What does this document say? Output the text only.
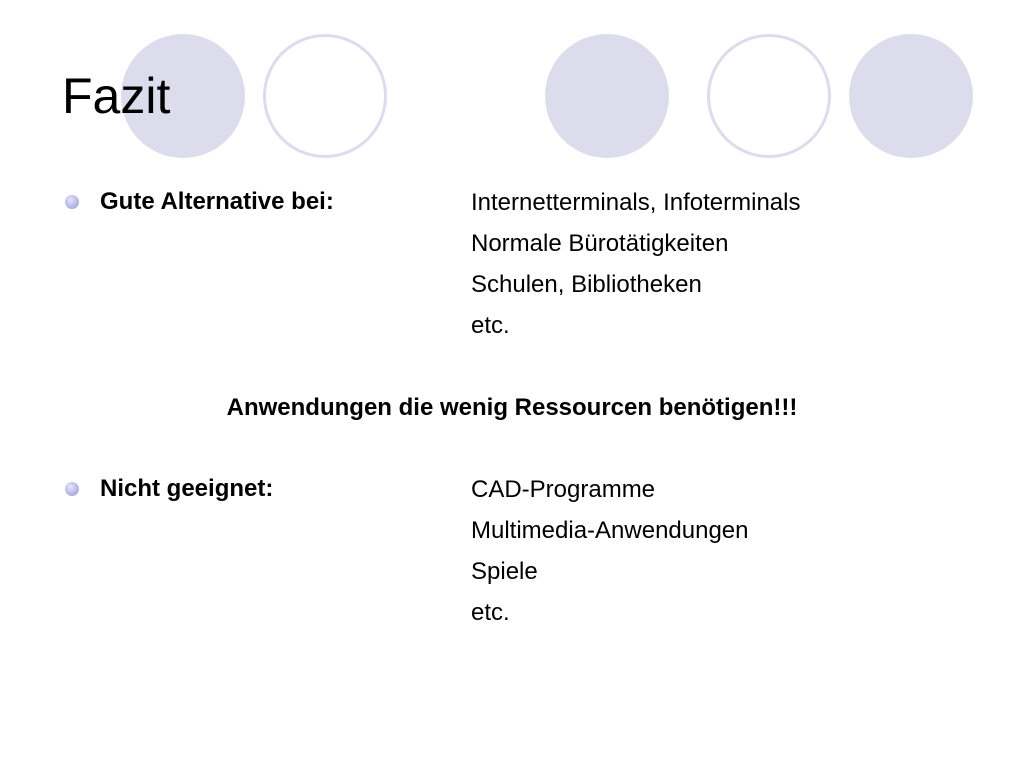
Fazit
Gute Alternative bei:	Internetterminals, Infoterminals
Normale Bürotätigkeiten
Schulen, Bibliotheken
etc.
Anwendungen die wenig Ressourcen benötigen!!!
Nicht geeignet:	CAD-Programme
Multimedia-Anwendungen
Spiele
etc.
